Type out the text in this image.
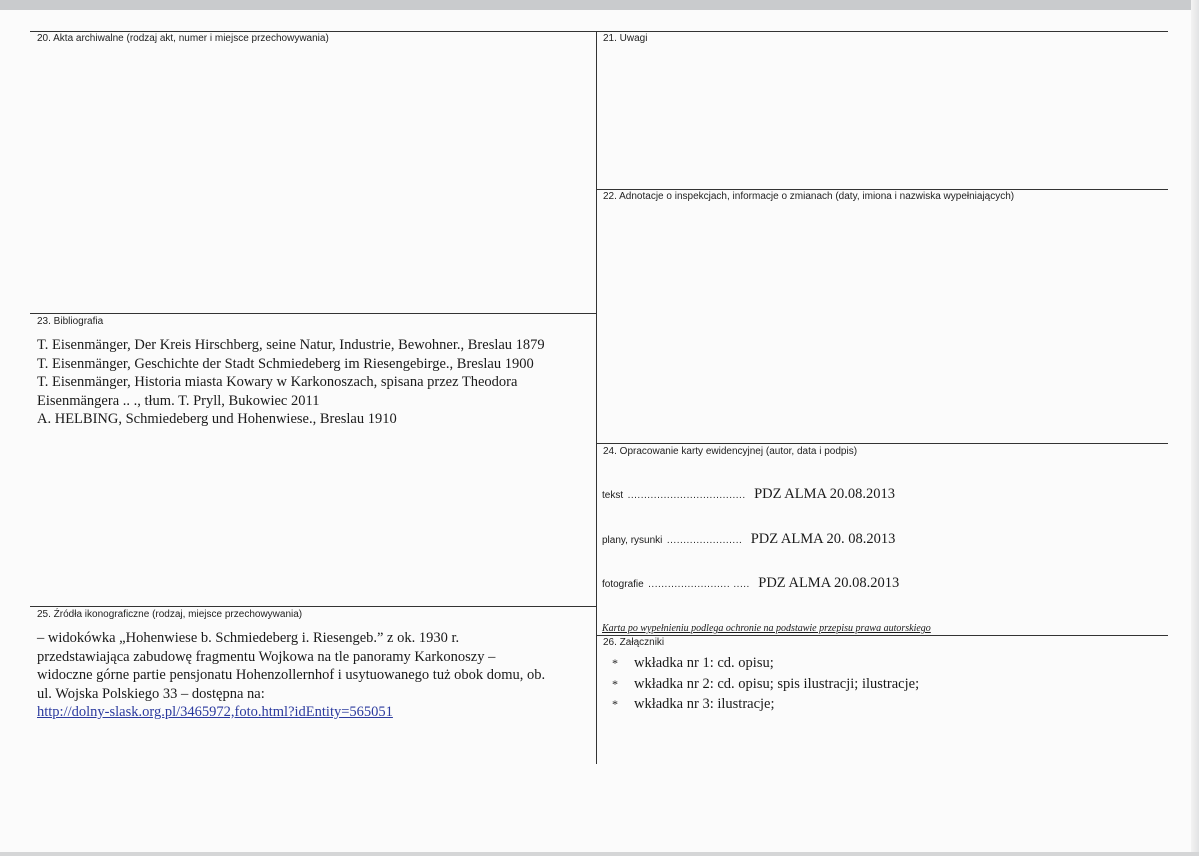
20. Akta archiwalne (rodzaj akt, numer i miejsce przechowywania)	21. Uwagi
22. Adnotacje o inspekcjach, informacje o zmianach (daty, imiona i nazwiska wypełniających)
23. Bibliografia
T. Eisenmänger, Der Kreis Hirschberg, seine Natur, Industrie, Bewohner., Breslau 1879
T. Eisenmänger, Geschichte der Stadt Schmiedeberg im Riesengebirge., Breslau 1900
T. Eisenmänger, Historia miasta Kowary w Karkonoszach, spisana przez Theodora
Eisenmängera .. ., tłum. T. Pryll, Bukowiec 2011
A. HELBING, Schmiedeberg und Hohenwiese., Breslau 1910
24. Opracowanie karty ewidencyjnej (autor, data i podpis)
tekst .................................... PDZ ALMA 20.08.2013
plany, rysunki ....................... PDZ ALMA 20. 08.2013
fotografie ......................... ..... PDZ ALMA 20.08.2013
Karta po wypełnieniu podlega ochronie na podstawie przepisu prawa autorskiego
25. Źródła ikonograficzne (rodzaj, miejsce przechowywania)
– widokówka „Hohenwiese b. Schmiedeberg i. Riesengeb.” z ok. 1930 r.
przedstawiająca zabudowę fragmentu Wojkowa na tle panoramy Karkonoszy –
widoczne górne partie pensjonatu Hohenzollernhof i usytuowanego tuż obok domu, ob.
ul. Wojska Polskiego 33 – dostępna na:
http://dolny-slask.org.pl/3465972,foto.html?idEntity=565051
26. Załączniki
* wkładka nr 1: cd. opisu;
* wkładka nr 2: cd. opisu; spis ilustracji; ilustracje;
* wkładka nr 3: ilustracje;
